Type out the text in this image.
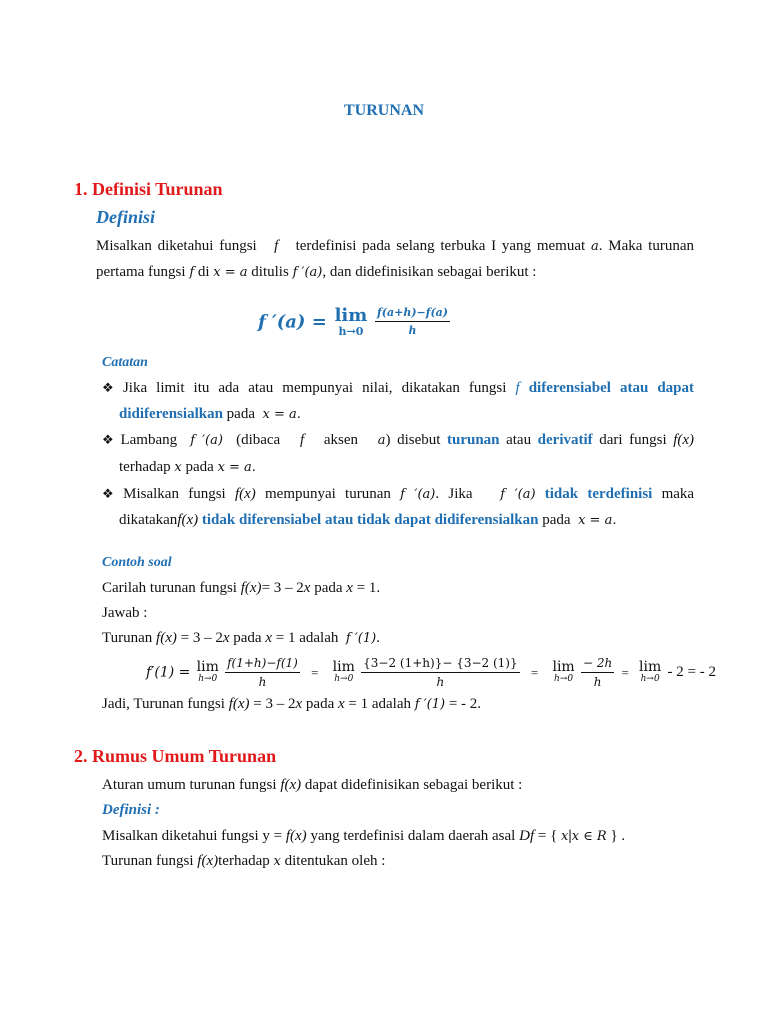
TURUNAN
1. Definisi Turunan
Definisi
Misalkan diketahui fungsi f terdefinisi pada selang terbuka I yang memuat a. Maka turunan
pertama fungsi f di x = a ditulis f ′(a), dan didefinisikan sebagai berikut :
f ′(a) = lim
h→0
	$\frac{f(a+h)-f(a)}{h}$
Catatan
❖ Jika limit itu ada atau mempunyai nilai, dikatakan fungsi f diferensiabel atau dapat
didiferensialkan pada x = a.
❖ Lambang f ′(a) (dibaca f aksen a) disebut turunan atau derivatif dari fungsi f(x)
terhadap x pada x = a.
❖ Misalkan fungsi f(x) mempunyai turunan f ′(a). Jika f ′(a) tidak terdefinisi maka
dikatakanf(x) tidak diferensiabel atau tidak dapat didiferensialkan pada x = a.
Contoh soal
Carilah turunan fungsi f(x)= 3 – 2x pada x = 1.
Jawab :
Turunan f(x) = 3 – 2x pada x = 1 adalah f ′(1).
f′(1) = lim
h→0
$\frac{f(1+h)-f(1)}{h} = \lim$
h→0
$\frac{\{3-2 (1+h)\}- \{3-2 (1)\}}{h} = \lim$
h→0
$\frac{- 2h}{h} = \lim$
h→0 - 2 = - 2
Jadi, Turunan fungsi f(x) = 3 – 2x pada x = 1 adalah f ′(1) = - 2.
2. Rumus Umum Turunan
Aturan umum turunan fungsi f(x) dapat didefinisikan sebagai berikut :
Definisi :
Misalkan diketahui fungsi y = f(x) yang terdefinisi dalam daerah asal Df = { x|x ∈ R } .
Turunan fungsi f(x)terhadap x ditentukan oleh :
